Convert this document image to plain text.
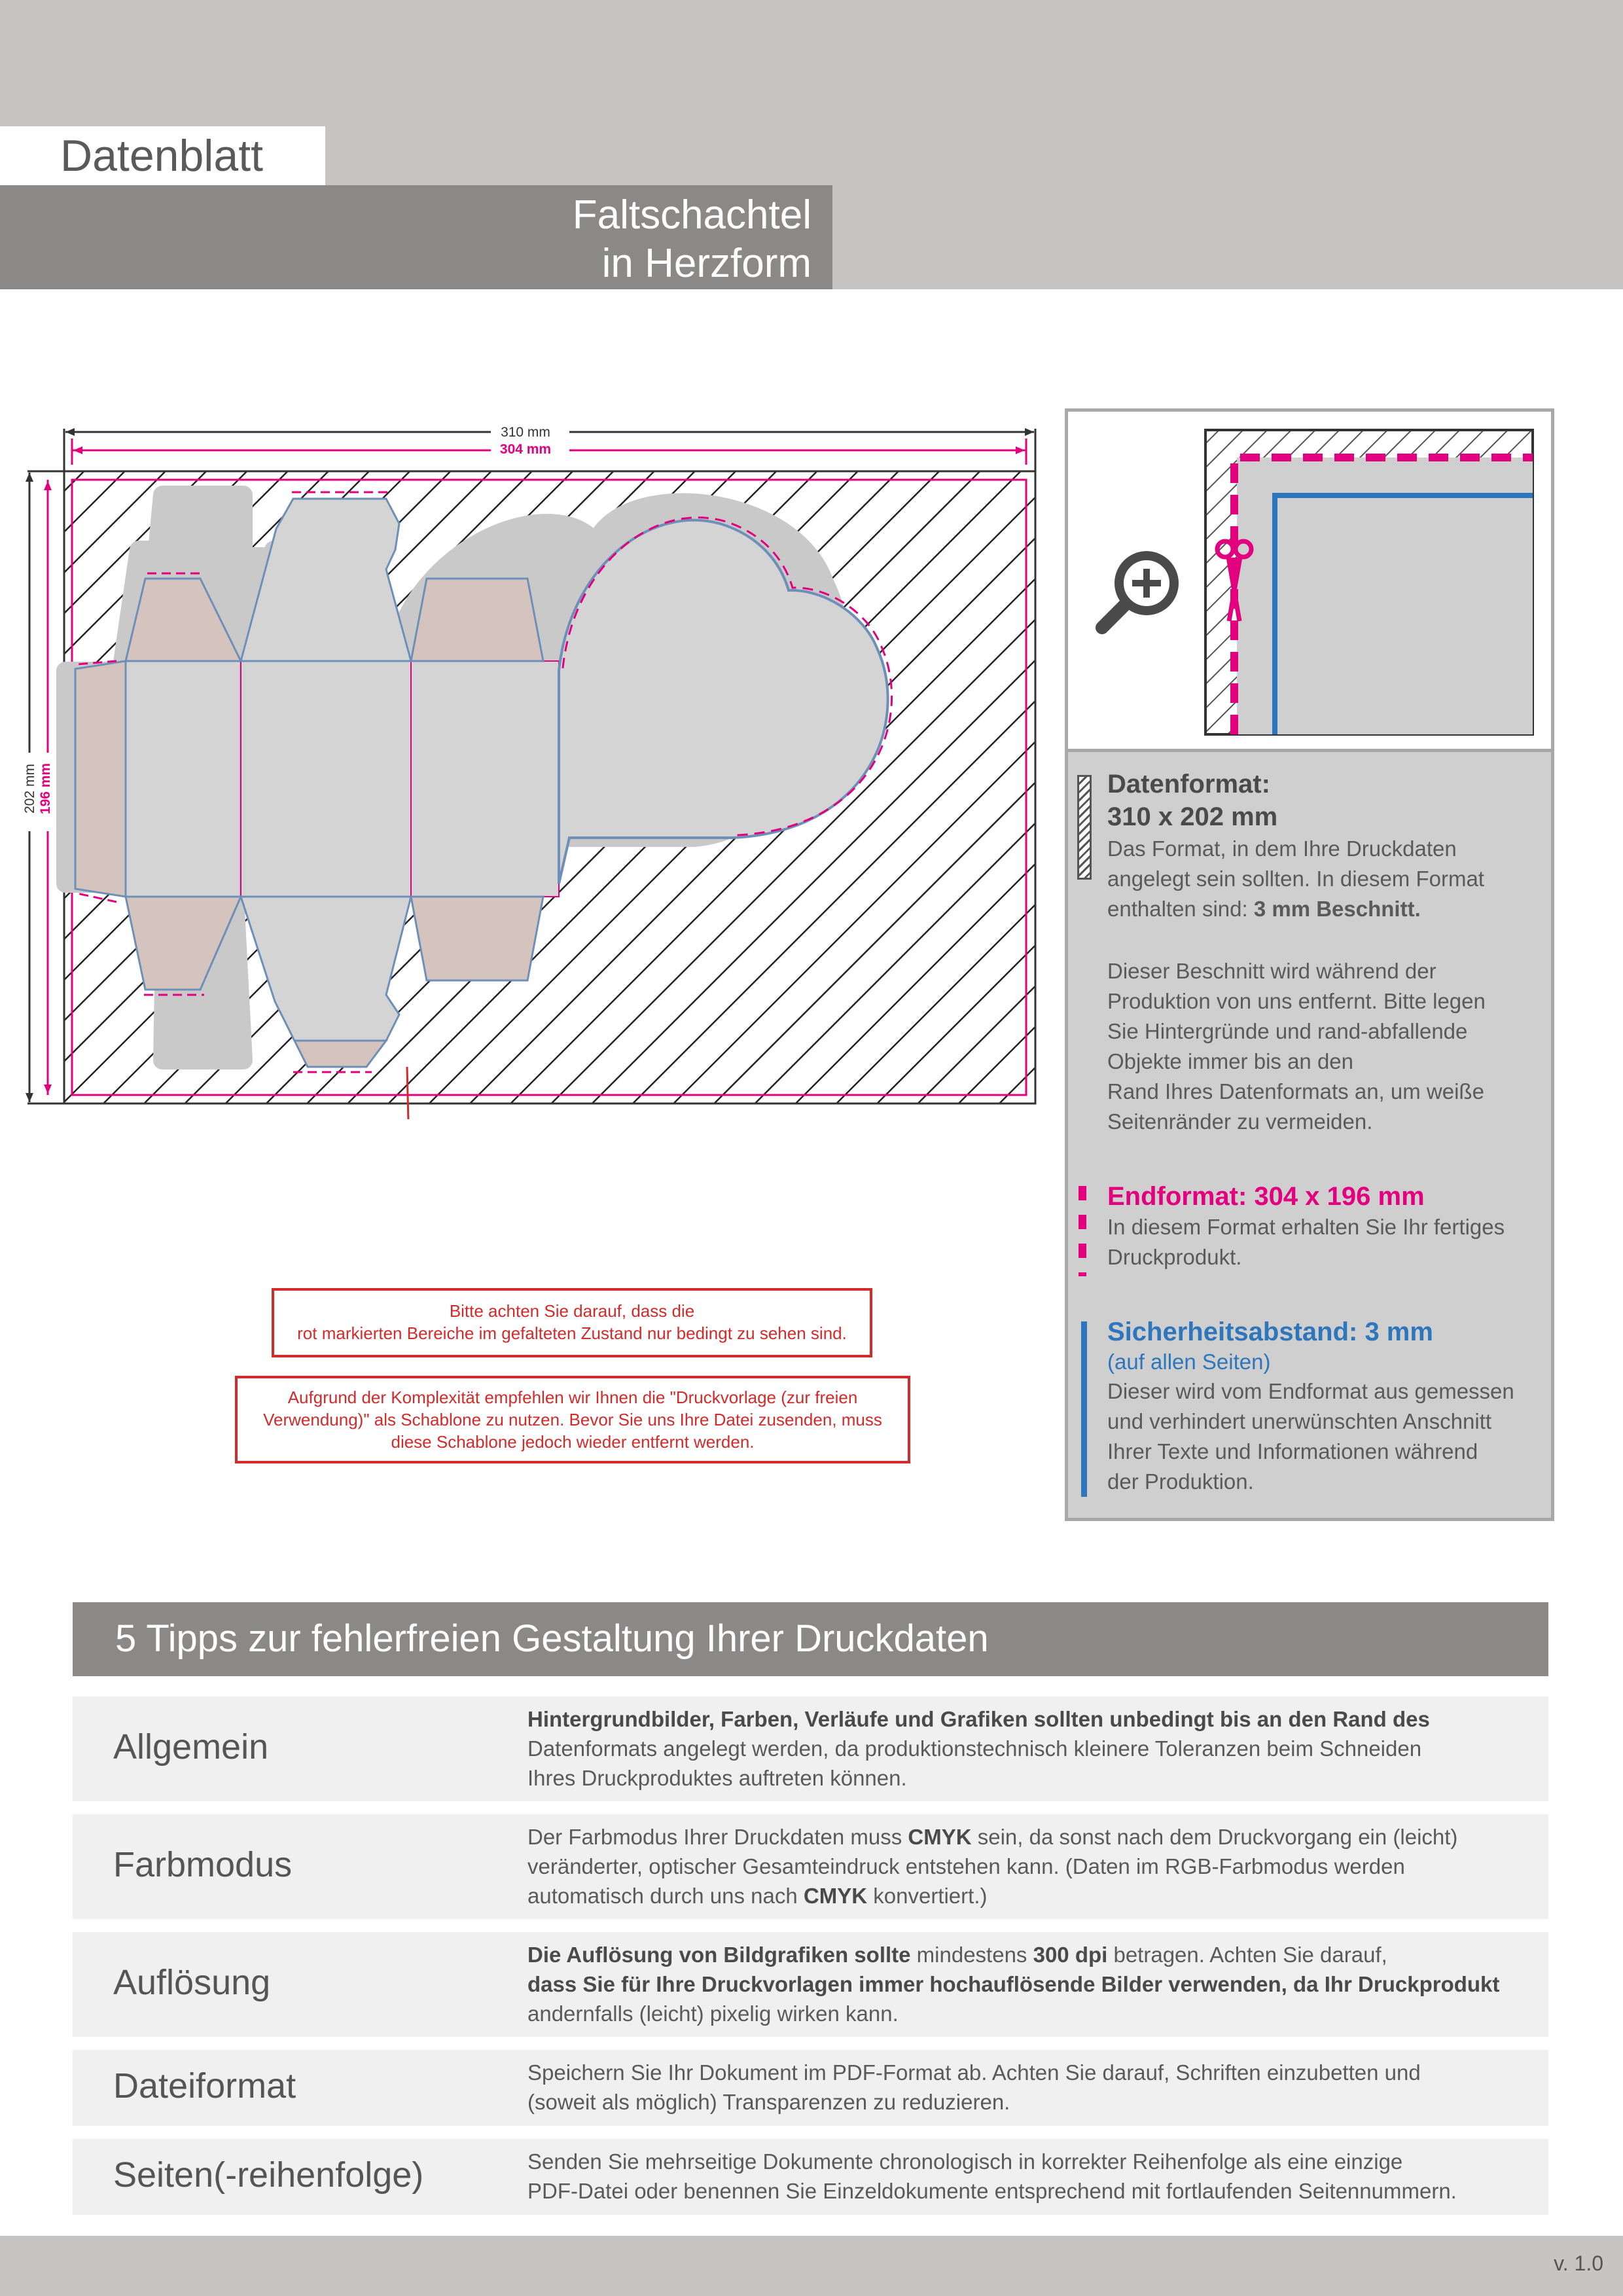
Datenblatt
Faltschachtel
in Herzform
310 mm
304 mm
202 mm 196 mm
Bitte achten Sie darauf, dass die
rot markierten Bereiche im gefalteten Zustand nur bedingt zu sehen sind.
Aufgrund der Komplexität empfehlen wir Ihnen die "Druckvorlage (zur freien
Verwendung)" als Schablone zu nutzen. Bevor Sie uns Ihre Datei zusenden, muss
diese Schablone jedoch wieder entfernt werden.
Datenformat:
310 x 202 mm
Das Format, in dem Ihre Druckdaten
angelegt sein sollten. In diesem Format
enthalten sind: 3 mm Beschnitt.
Dieser Beschnitt wird während der
Produktion von uns entfernt. Bitte legen
Sie Hintergründe und rand-abfallende
Objekte immer bis an den
Rand Ihres Datenformats an, um weiße
Seitenränder zu vermeiden.
Endformat: 304 x 196 mm
In diesem Format erhalten Sie Ihr fertiges
Druckprodukt.
Sicherheitsabstand: 3 mm
(auf allen Seiten)
Dieser wird vom Endformat aus gemessen
und verhindert unerwünschten Anschnitt
Ihrer Texte und Informationen während
der Produktion.
5 Tipps zur fehlerfreien Gestaltung Ihrer Druckdaten
Allgemein
Hintergrundbilder, Farben, Verläufe und Grafiken sollten unbedingt bis an den Rand des
Datenformats angelegt werden, da produktionstechnisch kleinere Toleranzen beim Schneiden
Ihres Druckproduktes auftreten können.
Farbmodus
Der Farbmodus Ihrer Druckdaten muss CMYK sein, da sonst nach dem Druckvorgang ein (leicht)
veränderter, optischer Gesamteindruck entstehen kann. (Daten im RGB-Farbmodus werden
automatisch durch uns nach CMYK konvertiert.)
Auflösung
Die Auflösung von Bildgrafiken sollte mindestens 300 dpi betragen. Achten Sie darauf,
dass Sie für Ihre Druckvorlagen immer hochauflösende Bilder verwenden, da Ihr Druckprodukt
andernfalls (leicht) pixelig wirken kann.
Dateiformat	Speichern Sie Ihr Dokument im PDF-Format ab. Achten Sie darauf, Schriften einzubetten und
(soweit als möglich) Transparenzen zu reduzieren.
Seiten(-reihenfolge)	Senden Sie mehrseitige Dokumente chronologisch in korrekter Reihenfolge als eine einzige
PDF-Datei oder benennen Sie Einzeldokumente entsprechend mit fortlaufenden Seitennummern.
v. 1.0
